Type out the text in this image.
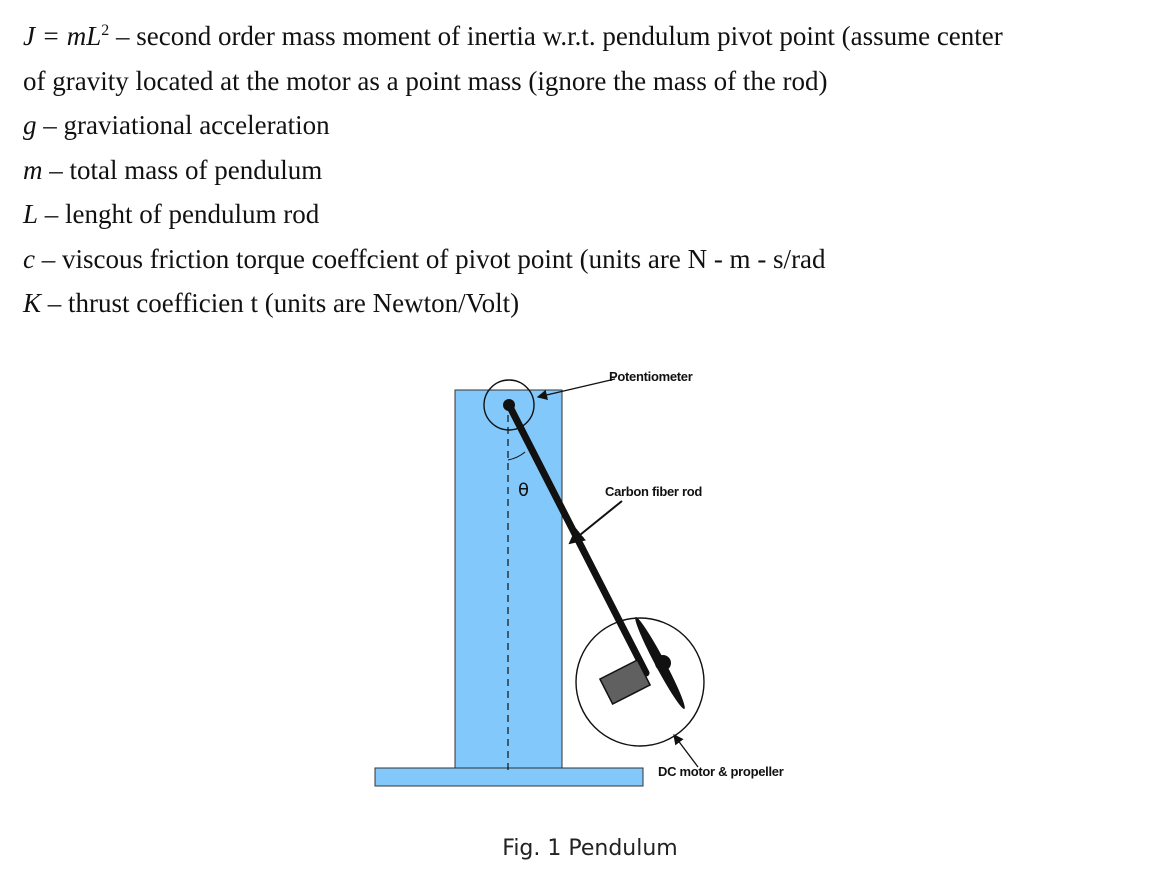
$J = mL^2$ – second order mass moment of inertia w.r.t. pendulum pivot point (assume center
of gravity located at the motor as a point mass (ignore the mass of the rod)
g – graviational acceleration
m – total mass of pendulum
L – lenght of pendulum rod
c – viscous friction torque coeffcient of pivot point (units are N - m - s/rad
K – thrust coefficien t (units are Newton/Volt)
Potentiometer
Carbon fiber rod
DC motor & propeller
θ
Fig. 1 Pendulum
